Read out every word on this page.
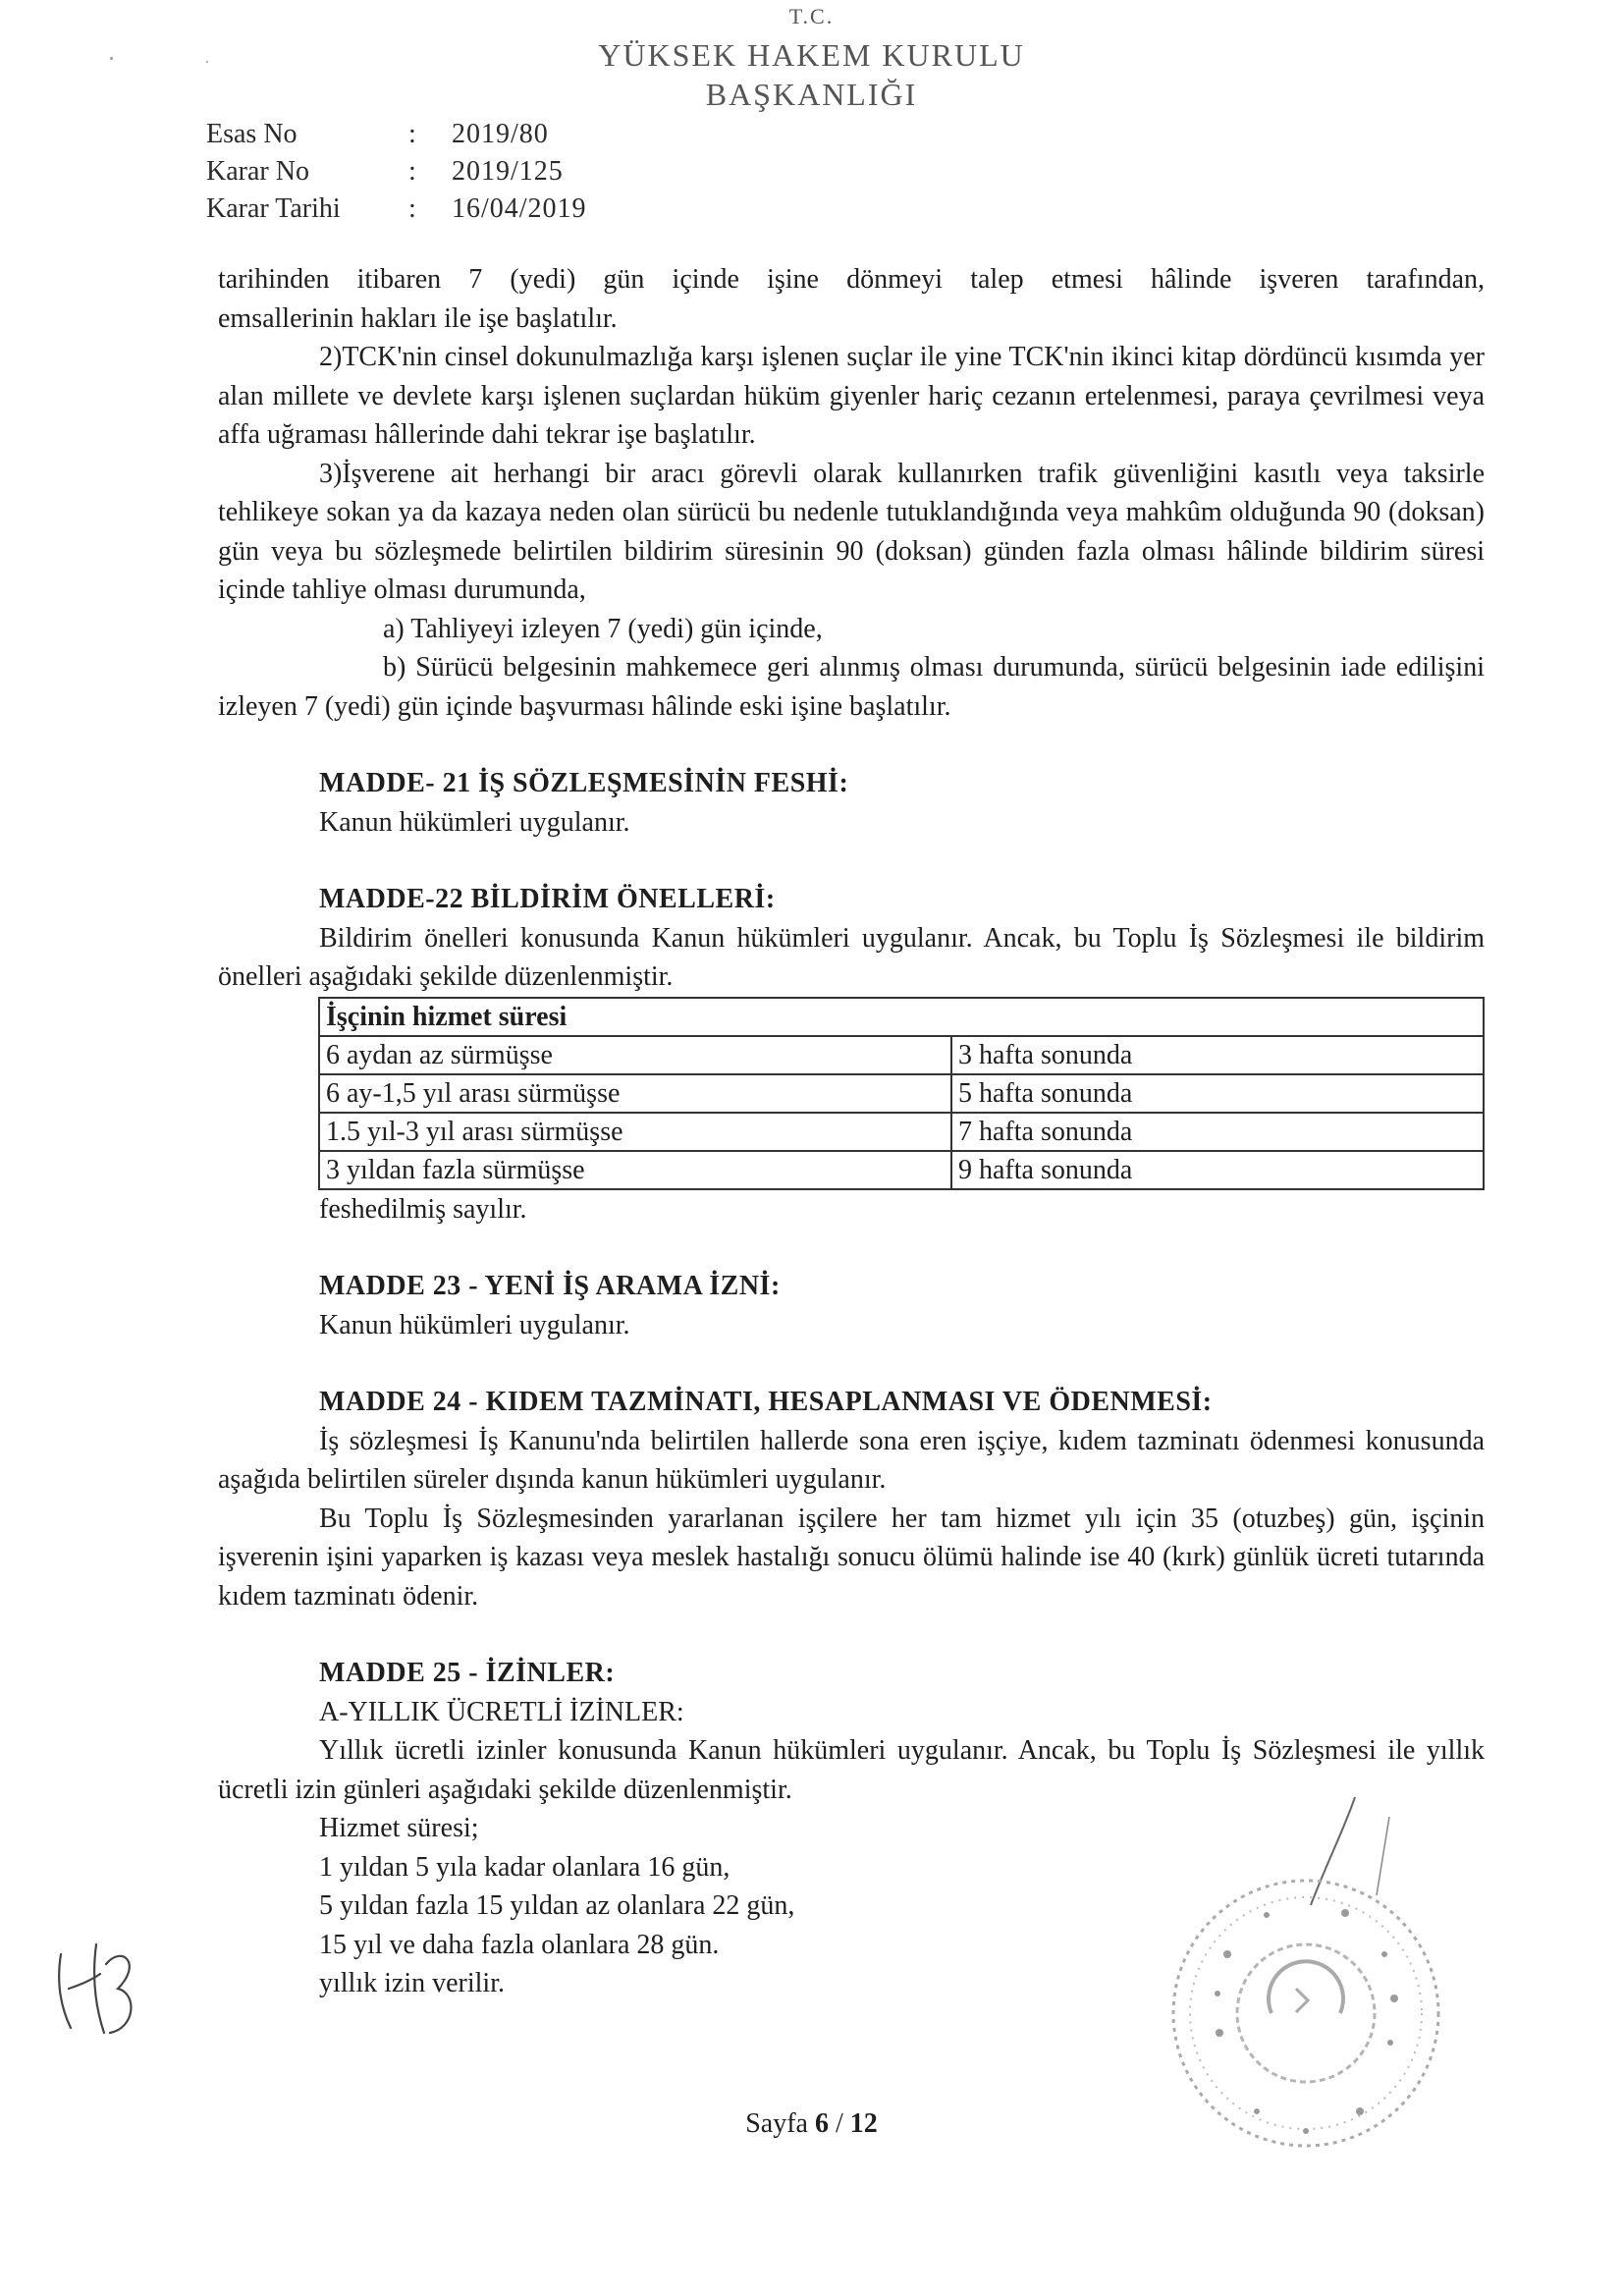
T.C.
YÜKSEK HAKEM KURULU
BAŞKANLIĞI
Esas No	:	2019/80
Karar No	:	2019/125
Karar Tarihi	:	16/04/2019

tarihinden itibaren 7 (yedi) gün içinde işine dönmeyi talep etmesi hâlinde işveren tarafından,

emsallerinin hakları ile işe başlatılır.

2)TCK'nin cinsel dokunulmazlığa karşı işlenen suçlar ile yine TCK'nin ikinci kitap dördüncü kısımda yer alan millete ve devlete karşı işlenen suçlardan hüküm giyenler hariç cezanın ertelenmesi, paraya çevrilmesi veya affa uğraması hâllerinde dahi tekrar işe başlatılır.

3)İşverene ait herhangi bir aracı görevli olarak kullanırken trafik güvenliğini kasıtlı veya taksirle tehlikeye sokan ya da kazaya neden olan sürücü bu nedenle tutuklandığında veya mahkûm olduğunda 90 (doksan) gün veya bu sözleşmede belirtilen bildirim süresinin 90 (doksan) günden fazla olması hâlinde bildirim süresi içinde tahliye olması durumunda,

a) Tahliyeyi izleyen 7 (yedi) gün içinde,

b) Sürücü belgesinin mahkemece geri alınmış olması durumunda, sürücü belgesinin iade edilişini izleyen 7 (yedi) gün içinde başvurması hâlinde eski işine başlatılır.

MADDE- 21 İŞ SÖZLEŞMESİNİN FESHİ:

Kanun hükümleri uygulanır.

MADDE-22 BİLDİRİM ÖNELLERİ:

Bildirim önelleri konusunda Kanun hükümleri uygulanır. Ancak, bu Toplu İş Sözleşmesi ile bildirim önelleri aşağıdaki şekilde düzenlenmiştir.

İşçinin hizmet süresi	
6 aydan az sürmüşse	3 hafta sonunda
6 ay-1,5 yıl arası sürmüşse	5 hafta sonunda
1.5 yıl-3 yıl arası sürmüşse	7 hafta sonunda
3 yıldan fazla sürmüşse	9 hafta sonunda

feshedilmiş sayılır.

MADDE 23 - YENİ İŞ ARAMA İZNİ:

Kanun hükümleri uygulanır.

MADDE 24 - KIDEM TAZMİNATI, HESAPLANMASI VE ÖDENMESİ:

İş sözleşmesi İş Kanunu'nda belirtilen hallerde sona eren işçiye, kıdem tazminatı ödenmesi konusunda aşağıda belirtilen süreler dışında kanun hükümleri uygulanır.

Bu Toplu İş Sözleşmesinden yararlanan işçilere her tam hizmet yılı için 35 (otuzbeş) gün, işçinin işverenin işini yaparken iş kazası veya meslek hastalığı sonucu ölümü halinde ise 40 (kırk) günlük ücreti tutarında kıdem tazminatı ödenir.

MADDE 25 - İZİNLER:

A-YILLIK ÜCRETLİ İZİNLER:

Yıllık ücretli izinler konusunda Kanun hükümleri uygulanır. Ancak, bu Toplu İş Sözleşmesi ile yıllık ücretli izin günleri aşağıdaki şekilde düzenlenmiştir.

Hizmet süresi;

1 yıldan 5 yıla kadar olanlara 16 gün,

5 yıldan fazla 15 yıldan az olanlara 22 gün,

15 yıl ve daha fazla olanlara 28 gün.

yıllık izin verilir.

Sayfa 6 / 12
